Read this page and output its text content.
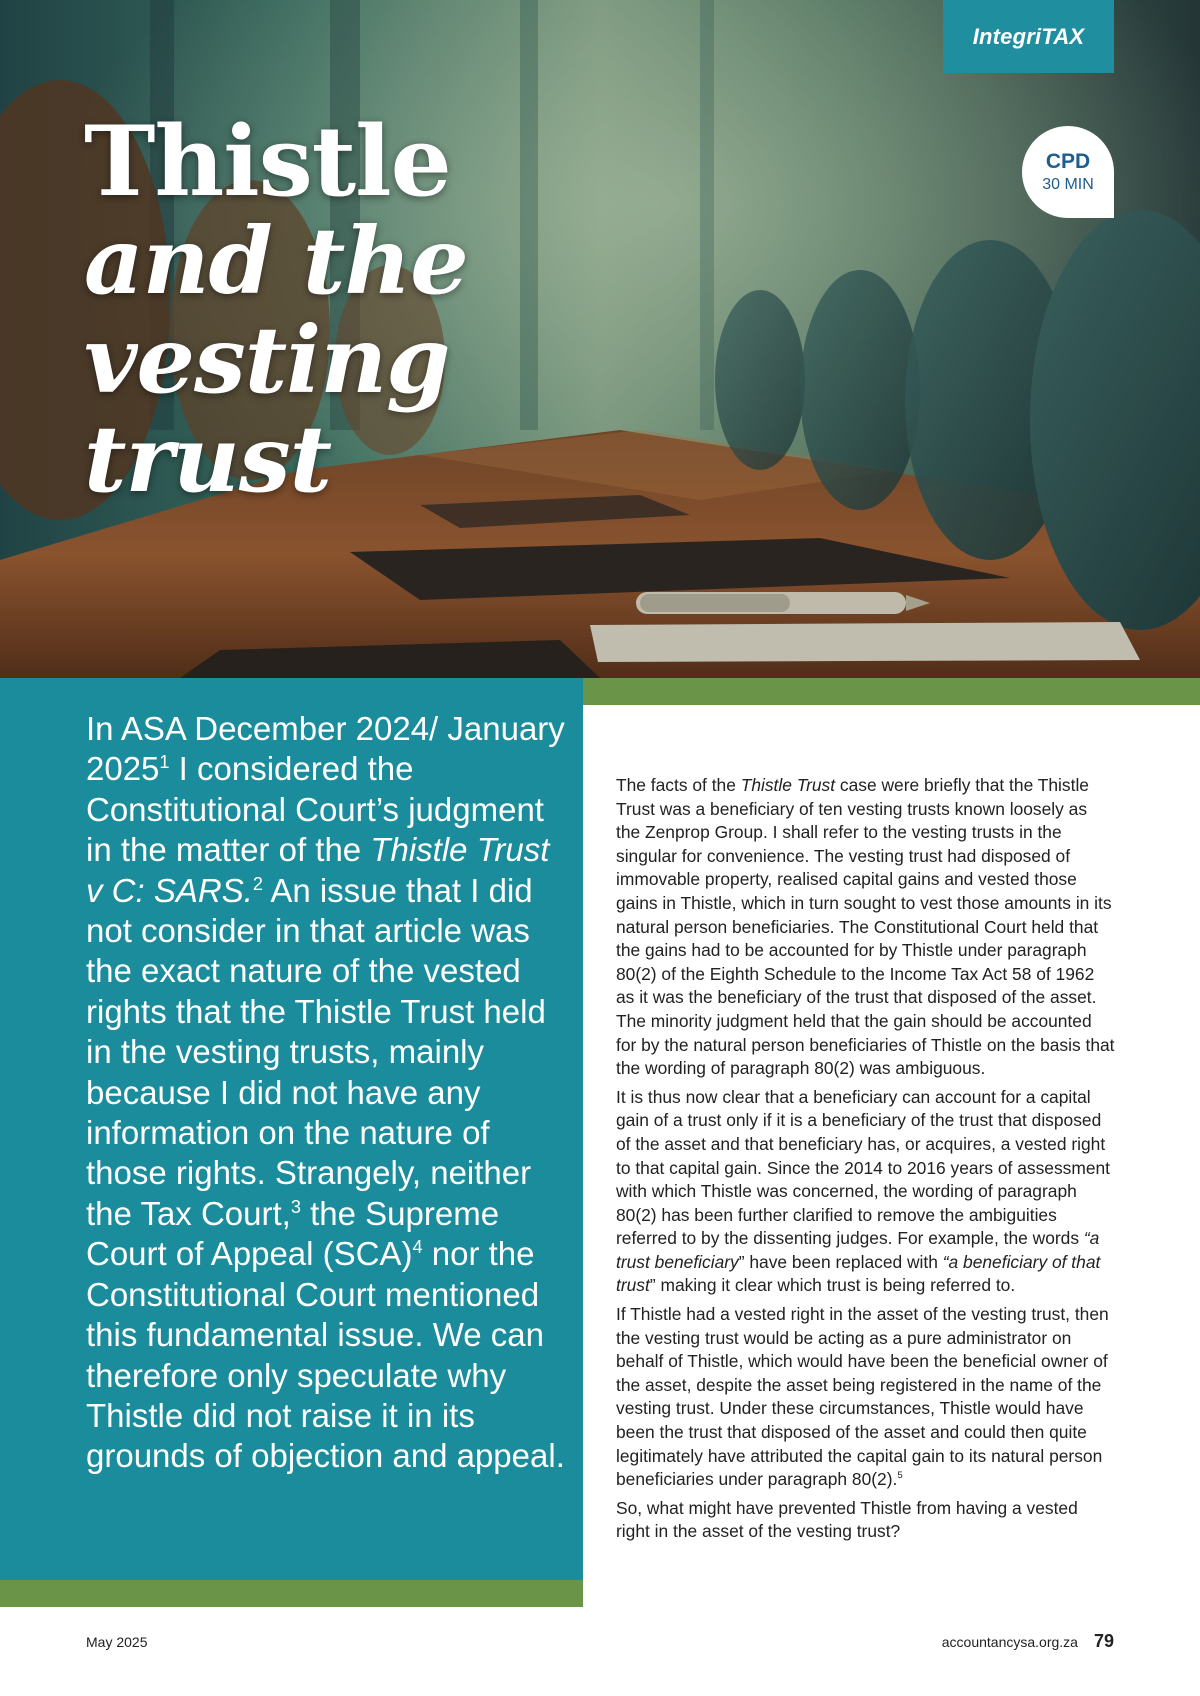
IntegriTAX
CPD
30 MIN
Thistle
and the
vesting
trust

In ASA December 2024/ January 2025$^1$ I considered the Constitutional Court’s judgment in the matter of the Thistle Trust v C: SARS.$^2$ An issue that I did not consider in that article was the exact nature of the vested rights that the Thistle Trust held in the vesting trusts, mainly because I did not have any information on the nature of those rights. Strangely, neither the Tax Court,$^3$ the Supreme Court of Appeal (SCA)$^4$ nor the Constitutional Court mentioned this fundamental issue. We can therefore only speculate why Thistle did not raise it in its grounds of objection and appeal.

The facts of the Thistle Trust case were briefly that the Thistle Trust was a beneficiary of ten vesting trusts known loosely as the Zenprop Group. I shall refer to the vesting trusts in the singular for convenience. The vesting trust had disposed of immovable property, realised capital gains and vested those gains in Thistle, which in turn sought to vest those amounts in its natural person beneficiaries. The Constitutional Court held that the gains had to be accounted for by Thistle under paragraph 80(2) of the Eighth Schedule to the Income Tax Act 58 of 1962 as it was the beneficiary of the trust that disposed of the asset. The minority judgment held that the gain should be accounted for by the natural person beneficiaries of Thistle on the basis that the wording of paragraph 80(2) was ambiguous.

It is thus now clear that a beneficiary can account for a capital gain of a trust only if it is a beneficiary of the trust that disposed of the asset and that beneficiary has, or acquires, a vested right to that capital gain. Since the 2014 to 2016 years of assessment with which Thistle was concerned, the wording of paragraph 80(2) has been further clarified to remove the ambiguities referred to by the dissenting judges. For example, the words “a trust beneficiary” have been replaced with “a beneficiary of that trust” making it clear which trust is being referred to.

If Thistle had a vested right in the asset of the vesting trust, then the vesting trust would be acting as a pure administrator on behalf of Thistle, which would have been the beneficial owner of the asset, despite the asset being registered in the name of the vesting trust. Under these circumstances, Thistle would have been the trust that disposed of the asset and could then quite legitimately have attributed the capital gain to its natural person beneficiaries under paragraph 80(2).$^5$

So, what might have prevented Thistle from having a vested right in the asset of the vesting trust?

May 2025	accountancysa.org.za 79
